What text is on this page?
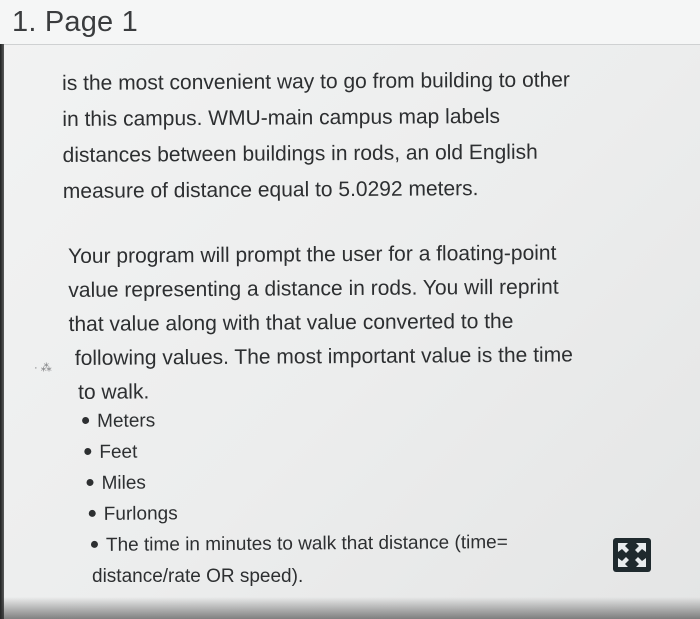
1. Page 1

is the most convenient way to go from building to other
in this campus. WMU-main campus map labels
distances between buildings in rods, an old English
measure of distance equal to 5.0292 meters.

Your program will prompt the user for a floating-point
value representing a distance in rods. You will reprint
that value along with that value converted to the
following values. The most important value is the time
to walk.

· ⁂
Meters
Feet
Miles
Furlongs
The time in minutes to walk that distance (time=
distance/rate OR speed).
